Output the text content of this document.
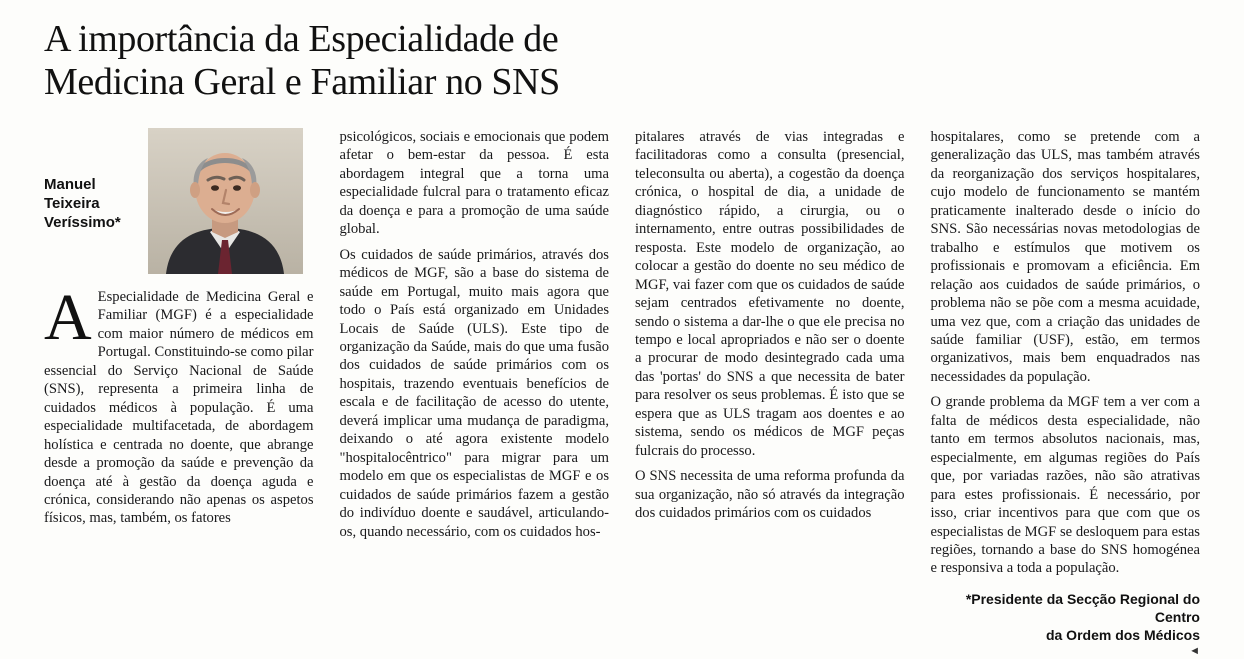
A importância da Especialidade de
Medicina Geral e Familiar no SNS
Manuel
Teixeira
Veríssimo*

A Especialidade de Medicina Geral e Familiar (MGF) é a especialidade com maior número de médicos em Portugal. Constituindo-se como pilar essencial do Serviço Nacional de Saúde (SNS), representa a primeira linha de cuidados médicos à população. É uma especialidade multifacetada, de abordagem holística e centrada no doente, que abrange desde a promoção da saúde e prevenção da doença até à gestão da doença aguda e crónica, considerando não apenas os aspetos físicos, mas, também, os fatores

psicológicos, sociais e emocionais que podem afetar o bem-estar da pessoa. É esta abordagem integral que a torna uma especialidade fulcral para o tratamento eficaz da doença e para a promoção de uma saúde global.

Os cuidados de saúde primários, através dos médicos de MGF, são a base do sistema de saúde em Portugal, muito mais agora que todo o País está organizado em Unidades Locais de Saúde (ULS). Este tipo de organização da Saúde, mais do que uma fusão dos cuidados de saúde primários com os hospitais, trazendo eventuais benefícios de escala e de facilitação de acesso do utente, deverá implicar uma mudança de paradigma, deixando o até agora existente modelo "hospitalocêntrico" para migrar para um modelo em que os especialistas de MGF e os cuidados de saúde primários fazem a gestão do indivíduo doente e saudável, articulando-os, quando necessário, com os cuidados hos-

pitalares através de vias integradas e facilitadoras como a consulta (presencial, teleconsulta ou aberta), a cogestão da doença crónica, o hospital de dia, a unidade de diagnóstico rápido, a cirurgia, ou o internamento, entre outras possibilidades de resposta. Este modelo de organização, ao colocar a gestão do doente no seu médico de MGF, vai fazer com que os cuidados de saúde sejam centrados efetivamente no doente, sendo o sistema a dar-lhe o que ele precisa no tempo e local apropriados e não ser o doente a procurar de modo desintegrado cada uma das 'portas' do SNS a que necessita de bater para resolver os seus problemas. É isto que se espera que as ULS tragam aos doentes e ao sistema, sendo os médicos de MGF peças fulcrais do processo.

O SNS necessita de uma reforma profunda da sua organização, não só através da integração dos cuidados primários com os cuidados

hospitalares, como se pretende com a generalização das ULS, mas também através da reorganização dos serviços hospitalares, cujo modelo de funcionamento se mantém praticamente inalterado desde o início do SNS. São necessárias novas metodologias de trabalho e estímulos que motivem os profissionais e promovam a eficiência. Em relação aos cuidados de saúde primários, o problema não se põe com a mesma acuidade, uma vez que, com a criação das unidades de saúde familiar (USF), estão, em termos organizativos, mais bem enquadrados nas necessidades da população.

O grande problema da MGF tem a ver com a falta de médicos desta especialidade, não tanto em termos absolutos nacionais, mas, especialmente, em algumas regiões do País que, por variadas razões, não são atrativas para estes profissionais. É necessário, por isso, criar incentivos para que com que os especialistas de MGF se desloquem para estas regiões, tornando a base do SNS homogénea e responsiva a toda a população.

*Presidente da Secção Regional do Centro
da Ordem dos Médicos
◄
